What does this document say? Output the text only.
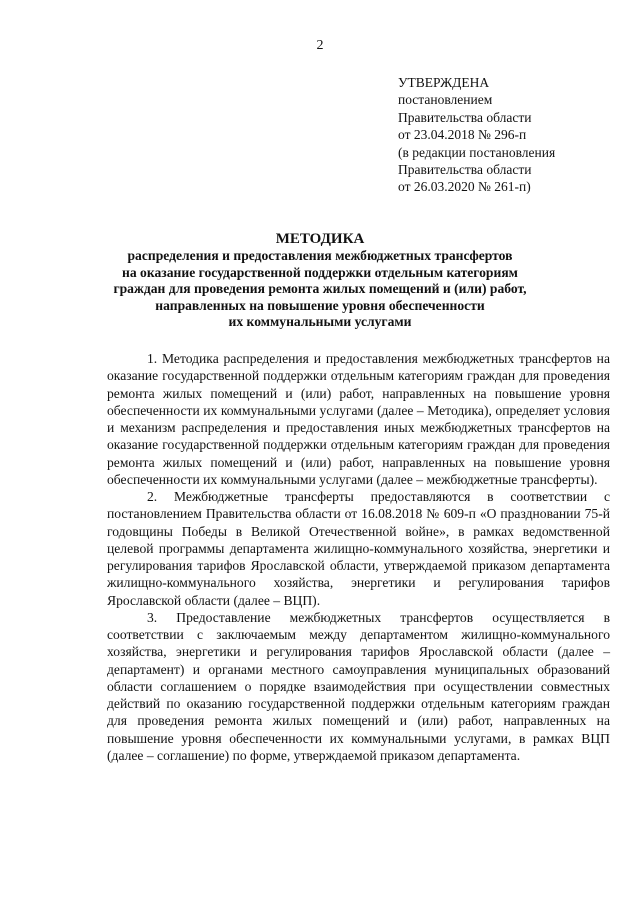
2
УТВЕРЖДЕНА
постановлением
Правительства области
от 23.04.2018 № 296-п
(в редакции постановления
Правительства области
от 26.03.2020 № 261-п)
МЕТОДИКА
распределения и предоставления межбюджетных трансфертов
на оказание государственной поддержки отдельным категориям
граждан для проведения ремонта жилых помещений и (или) работ,
направленных на повышение уровня обеспеченности
их коммунальными услугами

1. Методика распределения и предоставления межбюджетных трансфертов на оказание государственной поддержки отдельным категориям граждан для проведения ремонта жилых помещений и (или) работ, направленных на повышение уровня обеспеченности их коммунальными услугами (далее – Методика), определяет условия и механизм распределения и предоставления иных межбюджетных трансфертов на оказание государственной поддержки отдельным категориям граждан для проведения ремонта жилых помещений и (или) работ, направленных на повышение уровня обеспеченности их коммунальными услугами (далее – межбюджетные трансферты).

2. Межбюджетные трансферты предоставляются в соответствии с постановлением Правительства области от 16.08.2018 № 609-п «О праздновании 75-й годовщины Победы в Великой Отечественной войне», в рамках ведомственной целевой программы департамента жилищно-коммунального хозяйства, энергетики и регулирования тарифов Ярославской области, утверждаемой приказом департамента жилищно-коммунального хозяйства, энергетики и регулирования тарифов Ярославской области (далее – ВЦП).

3. Предоставление межбюджетных трансфертов осуществляется в соответствии с заключаемым между департаментом жилищно-коммунального хозяйства, энергетики и регулирования тарифов Ярославской области (далее – департамент) и органами местного самоуправления муниципальных образований области соглашением о порядке взаимодействия при осуществлении совместных действий по оказанию государственной поддержки отдельным категориям граждан для проведения ремонта жилых помещений и (или) работ, направленных на повышение уровня обеспеченности их коммунальными услугами, в рамках ВЦП (далее – соглашение) по форме, утверждаемой приказом департамента.
